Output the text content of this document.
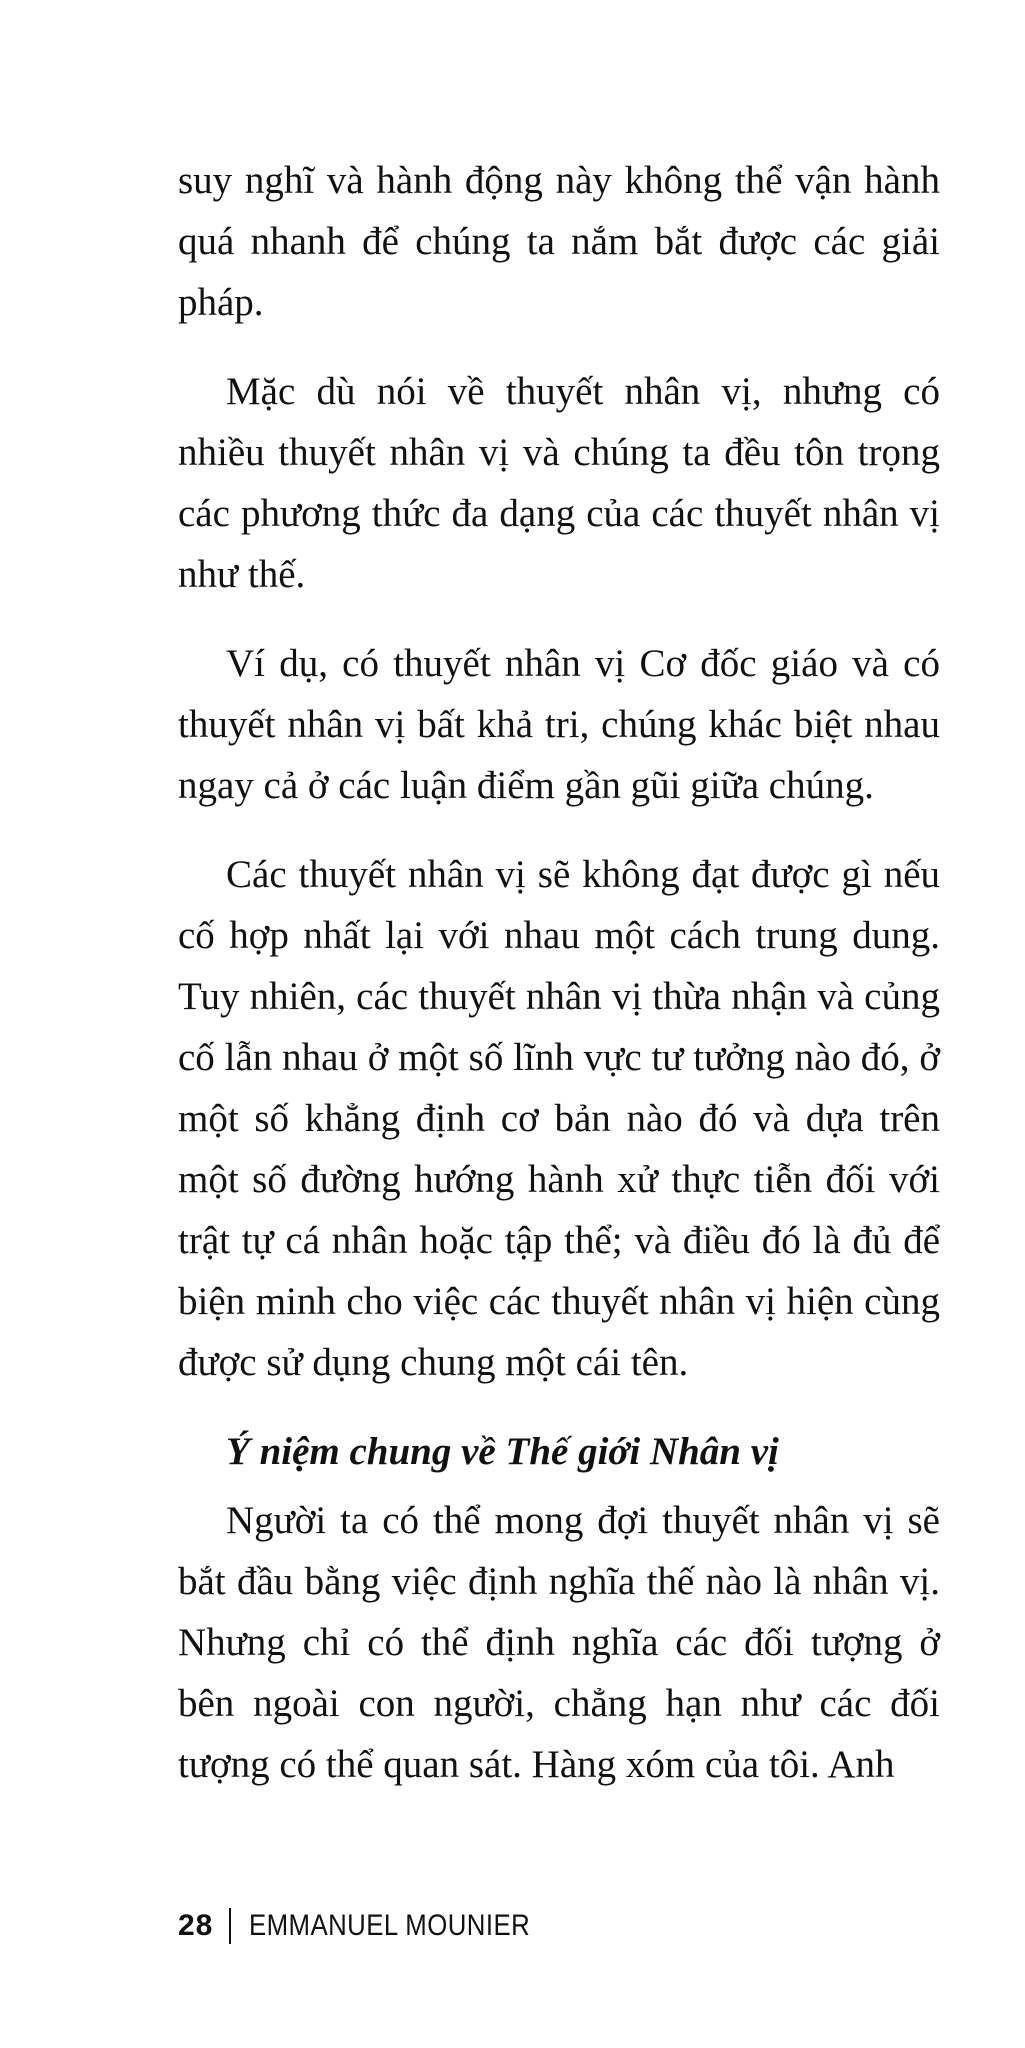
suy nghĩ và hành động này không thể vận hành quá nhanh để chúng ta nắm bắt được các giải pháp.

Mặc dù nói về thuyết nhân vị, nhưng có nhiều thuyết nhân vị và chúng ta đều tôn trọng các phương thức đa dạng của các thuyết nhân vị như thế.

Ví dụ, có thuyết nhân vị Cơ đốc giáo và có thuyết nhân vị bất khả tri, chúng khác biệt nhau ngay cả ở các luận điểm gần gũi giữa chúng.

Các thuyết nhân vị sẽ không đạt được gì nếu cố hợp nhất lại với nhau một cách trung dung. Tuy nhiên, các thuyết nhân vị thừa nhận và củng cố lẫn nhau ở một số lĩnh vực tư tưởng nào đó, ở một số khẳng định cơ bản nào đó và dựa trên một số đường hướng hành xử thực tiễn đối với trật tự cá nhân hoặc tập thể; và điều đó là đủ để biện minh cho việc các thuyết nhân vị hiện cùng được sử dụng chung một cái tên.

Ý niệm chung về Thế giới Nhân vị

Người ta có thể mong đợi thuyết nhân vị sẽ bắt đầu bằng việc định nghĩa thế nào là nhân vị. Nhưng chỉ có thể định nghĩa các đối tượng ở bên ngoài con người, chẳng hạn như các đối tượng có thể quan sát. Hàng xóm của tôi. Anh

28 EMMANUEL MOUNIER
